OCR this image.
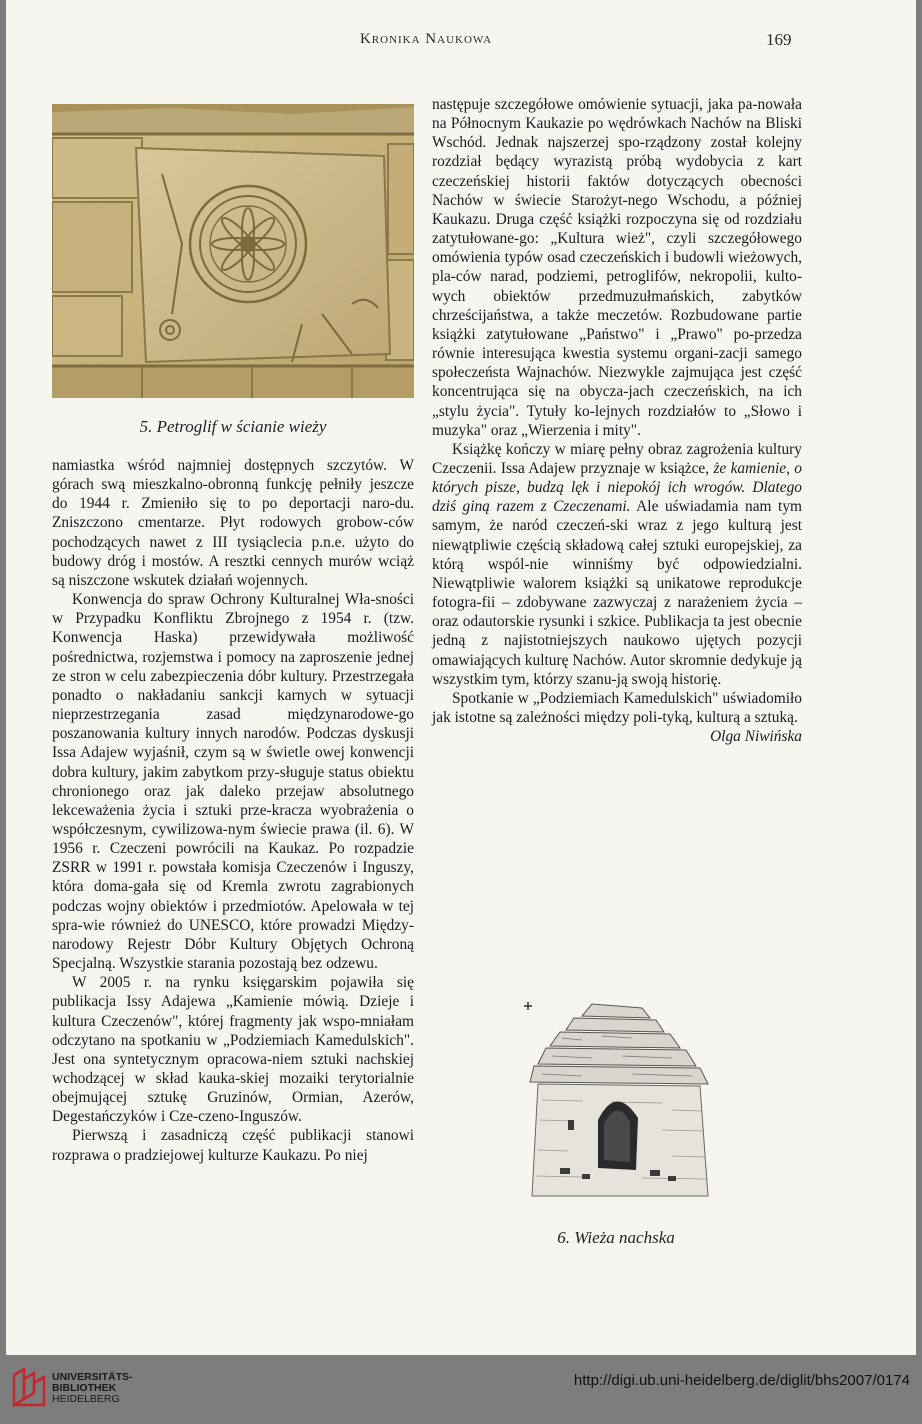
Kronika Naukowa	169
5. Petroglif w ścianie wieży

namiastka wśród najmniej dostępnych szczytów. W górach swą mieszkalno-obronną funkcję pełniły jeszcze do 1944 r. Zmieniło się to po deportacji naro-du. Zniszczono cmentarze. Płyt rodowych grobow-ców pochodzących nawet z III tysiąclecia p.n.e. użyto do budowy dróg i mostów. A resztki cennych murów wciąż są niszczone wskutek działań wojennych.

Konwencja do spraw Ochrony Kulturalnej Wła-sności w Przypadku Konfliktu Zbrojnego z 1954 r. (tzw. Konwencja Haska) przewidywała możliwość pośrednictwa, rozjemstwa i pomocy na zaproszenie jednej ze stron w celu zabezpieczenia dóbr kultury. Przestrzegała ponadto o nakładaniu sankcji karnych w sytuacji nieprzestrzegania zasad międzynarodowe-go poszanowania kultury innych narodów. Podczas dyskusji Issa Adajew wyjaśnił, czym są w świetle owej konwencji dobra kultury, jakim zabytkom przy-sługuje status obiektu chronionego oraz jak daleko przejaw absolutnego lekceważenia życia i sztuki prze-kracza wyobrażenia o współczesnym, cywilizowa-nym świecie prawa (il. 6). W 1956 r. Czeczeni powrócili na Kaukaz. Po rozpadzie ZSRR w 1991 r. powstała komisja Czeczenów i Inguszy, która doma-gała się od Kremla zwrotu zagrabionych podczas wojny obiektów i przedmiotów. Apelowała w tej spra-wie również do UNESCO, które prowadzi Między-narodowy Rejestr Dóbr Kultury Objętych Ochroną Specjalną. Wszystkie starania pozostają bez odzewu.

W 2005 r. na rynku księgarskim pojawiła się publikacja Issy Adajewa „Kamienie mówią. Dzieje i kultura Czeczenów", której fragmenty jak wspo-mniałam odczytano na spotkaniu w „Podziemiach Kamedulskich". Jest ona syntetycznym opracowa-niem sztuki nachskiej wchodzącej w skład kauka-skiej mozaiki terytorialnie obejmującej sztukę Gruzinów, Ormian, Azerów, Degestańczyków i Cze-czeno-Inguszów.

Pierwszą i zasadniczą część publikacji stanowi rozprawa o pradziejowej kulturze Kaukazu. Po niej

następuje szczegółowe omówienie sytuacji, jaka pa-nowała na Północnym Kaukazie po wędrówkach Nachów na Bliski Wschód. Jednak najszerzej spo-rządzony został kolejny rozdział będący wyrazistą próbą wydobycia z kart czeczeńskiej historii faktów dotyczących obecności Nachów w świecie Starożyt-nego Wschodu, a później Kaukazu. Druga część książki rozpoczyna się od rozdziału zatytułowane-go: „Kultura wież", czyli szczegółowego omówienia typów osad czeczeńskich i budowli wieżowych, pla-ców narad, podziemi, petroglifów, nekropolii, kulto-wych obiektów przedmuzułmańskich, zabytków chrześcijaństwa, a także meczetów. Rozbudowane partie książki zatytułowane „Państwo" i „Prawo" po-przedza równie interesująca kwestia systemu organi-zacji samego społeczeństa Wajnachów. Niezwykle zajmująca jest część koncentrująca się na obycza-jach czeczeńskich, na ich „stylu życia". Tytuły ko-lejnych rozdziałów to „Słowo i muzyka" oraz „Wierzenia i mity".

Książkę kończy w miarę pełny obraz zagrożenia kultury Czeczenii. Issa Adajew przyznaje w książce, że kamienie, o których pisze, budzą lęk i niepokój ich wrogów. Dlatego dziś giną razem z Czeczenami. Ale uświadamia nam tym samym, że naród czeczeń-ski wraz z jego kulturą jest niewątpliwie częścią składową całej sztuki europejskiej, za którą wspól-nie winniśmy być odpowiedzialni. Niewątpliwie walorem książki są unikatowe reprodukcje fotogra-fii – zdobywane zazwyczaj z narażeniem życia – oraz odautorskie rysunki i szkice. Publikacja ta jest obecnie jedną z najistotniejszych naukowo ujętych pozycji omawiających kulturę Nachów. Autor skromnie dedykuje ją wszystkim tym, którzy szanu-ją swoją historię.

Spotkanie w „Podziemiach Kamedulskich" uświadomiło jak istotne są zależności między poli-tyką, kulturą a sztuką.

Olga Niwińska

6. Wieża nachska
UNIVERSITÄTS-
BIBLIOTHEK
HEIDELBERG
http://digi.ub.uni-heidelberg.de/diglit/bhs2007/0174
